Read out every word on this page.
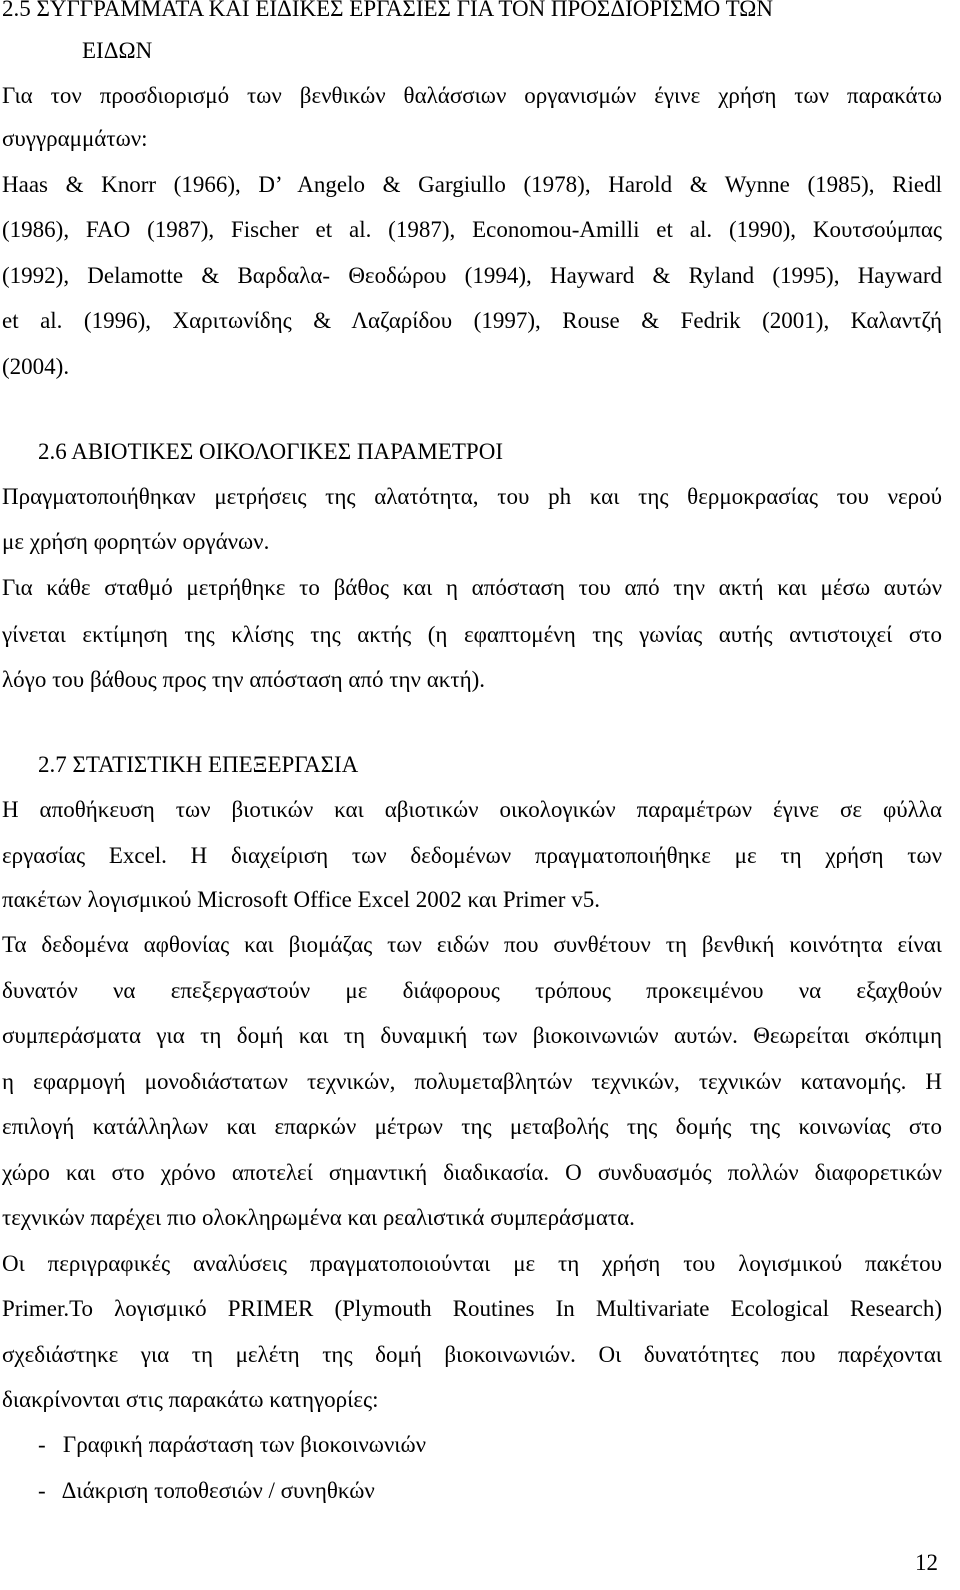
2.5 ΣΥΓΓΡΑΜΜΑΤΑ ΚΑΙ ΕΙΔΙΚΕΣ ΕΡΓΑΣΙΕΣ ΓΙΑ ΤΟΝ ΠΡΟΣΔΙΟΡΙΣΜΟ ΤΩΝ
ΕΙΔΩΝ
Για τον προσδιορισμό των βενθικών θαλάσσιων οργανισμών έγινε χρήση των παρακάτω
συγγραμμάτων:
Haas & Knorr (1966), D’ Angelo & Gargiullo (1978), Harold & Wynne (1985), Riedl
(1986), FAO (1987), Fischer et al. (1987), Economou-Amilli et al. (1990), Κουτσούμπας
(1992), Delamotte & Βαρδαλα- Θεοδώρου (1994), Hayward & Ryland (1995), Hayward
et al. (1996), Χαριτωνίδης & Λαζαρίδου (1997), Rouse & Fedrik (2001), Καλαντζή
(2004).
2.6 ΑΒΙΟΤΙΚΕΣ ΟΙΚΟΛΟΓΙΚΕΣ ΠΑΡΑΜΕΤΡΟΙ
Πραγματοποιήθηκαν μετρήσεις της αλατότητα, του ph και της θερμοκρασίας του νερού
με χρήση φορητών οργάνων.
Για κάθε σταθμό μετρήθηκε το βάθος και η απόσταση του από την ακτή και μέσω αυτών
γίνεται εκτίμηση της κλίσης της ακτής (η εφαπτομένη της γωνίας αυτής αντιστοιχεί στο
λόγο του βάθους προς την απόσταση από την ακτή).
2.7 ΣΤΑΤΙΣΤΙΚΗ ΕΠΕΞΕΡΓΑΣΙΑ
Η αποθήκευση των βιοτικών και αβιοτικών οικολογικών παραμέτρων έγινε σε φύλλα
εργασίας Excel. Η διαχείριση των δεδομένων πραγματοποιήθηκε με τη χρήση των
πακέτων λογισμικού Microsoft Office Excel 2002 και Primer v5.
Τα δεδομένα αφθονίας και βιομάζας των ειδών που συνθέτουν τη βενθική κοινότητα είναι
δυνατόν να επεξεργαστούν με διάφορους τρόπους προκειμένου να εξαχθούν
συμπεράσματα για τη δομή και τη δυναμική των βιοκοινωνιών αυτών. Θεωρείται σκόπιμη
η εφαρμογή μονοδιάστατων τεχνικών, πολυμεταβλητών τεχνικών, τεχνικών κατανομής. Η
επιλογή κατάλληλων και επαρκών μέτρων της μεταβολής της δομής της κοινωνίας στο
χώρο και στο χρόνο αποτελεί σημαντική διαδικασία. Ο συνδυασμός πολλών διαφορετικών
τεχνικών παρέχει πιο ολοκληρωμένα και ρεαλιστικά συμπεράσματα.
Οι περιγραφικές αναλύσεις πραγματοποιούνται με τη χρήση του λογισμικού πακέτου
Primer.Το λογισμικό PRIMER (Plymouth Routines In Multivariate Ecological Research)
σχεδιάστηκε για τη μελέτη της δομή βιοκοινωνιών. Οι δυνατότητες που παρέχονται
διακρίνονται στις παρακάτω κατηγορίες:
-   Γραφική παράσταση των βιοκοινωνιών
-   Διάκριση τοποθεσιών / συνηθκών
12
